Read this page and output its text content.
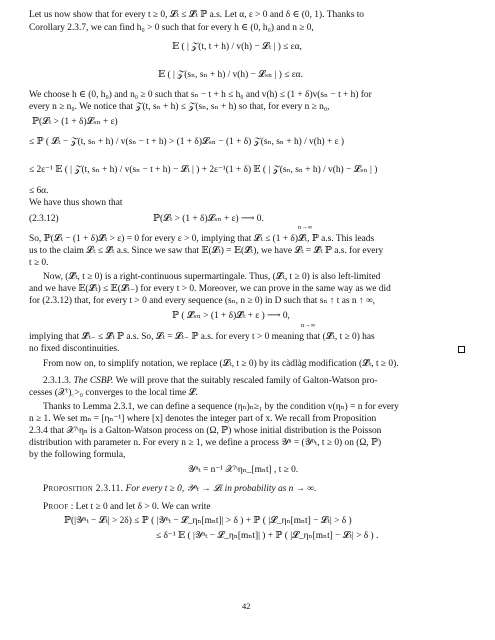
Let us now show that for every t ≥ 0, 𝓛ₜ ≤ 𝓛̃ₜ ℙ a.s. Let α, ε > 0 and δ ∈ (0, 1). Thanks to
Corollary 2.3.7, we can find h₀ > 0 such that for every h ∈ (0, h₀) and n ≥ 0,
𝔼 ( | 𝒵(t, t + h) / v(h) − 𝓛ₜ | ) ≤ εα,
𝔼 ( | 𝒵(sₙ, sₙ + h) / v(h) − 𝓛ₛₙ | ) ≤ εα.
We choose h ∈ (0, h₀) and n₀ ≥ 0 such that sₙ − t + h ≤ h₀ and v(h) ≤ (1 + δ)v(sₙ − t + h) for
every n ≥ n₀. We notice that 𝒵(t, sₙ + h) ≤ 𝒵(sₙ, sₙ + h) so that, for every n ≥ n₀,
ℙ(𝓛ₜ > (1 + δ)𝓛ₛₙ + ε)
≤ ℙ ( 𝓛ₜ − 𝒵(t, sₙ + h) / v(sₙ − t + h) > (1 + δ)𝓛ₛₙ − (1 + δ) 𝒵(sₙ, sₙ + h) / v(h) + ε )
≤ 2ε⁻¹ 𝔼 ( | 𝒵(t, sₙ + h) / v(sₙ − t + h) − 𝓛ₜ | ) + 2ε⁻¹(1 + δ) 𝔼 ( | 𝒵(sₙ, sₙ + h) / v(h) − 𝓛ₛₙ | )
≤ 6α.
We have thus shown that
(2.3.12)	ℙ(𝓛ₜ > (1 + δ)𝓛ₛₙ + ε) ⟶ 0.
n→∞
So, ℙ(𝓛ₜ − (1 + δ)𝓛̃ₜ > ε) = 0 for every ε > 0, implying that 𝓛ₜ ≤ (1 + δ)𝓛̃ₜ, ℙ a.s. This leads
us to the claim 𝓛ₜ ≤ 𝓛̃ₜ a.s. Since we saw that 𝔼(𝓛ₜ) = 𝔼(𝓛̃ₜ), we have 𝓛ₜ = 𝓛̃ₜ ℙ a.s. for every
t ≥ 0.
Now, (𝓛̃ₜ, t ≥ 0) is a right-continuous supermartingale. Thus, (𝓛̃ₜ, t ≥ 0) is also left-limited
and we have 𝔼(𝓛̃ₜ) ≤ 𝔼(𝓛̃ₜ₋) for every t > 0. Moreover, we can prove in the same way as we did
for (2.3.12) that, for every t > 0 and every sequence (sₙ, n ≥ 0) in D such that sₙ ↑ t as n ↑ ∞,
ℙ ( 𝓛̃ₛₙ > (1 + δ)𝓛̃ₜ + ε ) ⟶ 0,
n→∞
implying that 𝓛̃ₜ₋ ≤ 𝓛̃ₜ ℙ a.s. So, 𝓛ₜ = 𝓛ₜ₋ ℙ a.s. for every t > 0 meaning that (𝓛̃ₜ, t ≥ 0) has
no fixed discontinuities.
From now on, to simplify notation, we replace (𝓛ₜ, t ≥ 0) by its càdlàg modification (𝓛̃ₜ, t ≥ 0).
2.3.1.3. The CSBP. We will prove that the suitably rescaled family of Galton-Watson pro-
cesses (𝒳ᶜ)꜀>₀ converges to the local time 𝓛.
Thanks to Lemma 2.3.1, we can define a sequence (ηₙ)ₙ≥₁ by the condition v(ηₙ) = n for every
n ≥ 1. We set mₙ = [ηₙ⁻¹] where [x] denotes the integer part of x. We recall from Proposition
2.3.4 that 𝒳^ηₙ is a Galton-Watson process on (Ω, ℙ) whose initial distribution is the Poisson
distribution with parameter n. For every n ≥ 1, we define a process 𝒴ⁿ = (𝒴ⁿₜ, t ≥ 0) on (Ω, ℙ)
by the following formula,
𝒴ⁿₜ = n⁻¹ 𝒳^ηₙ_[mₙt] , t ≥ 0.
Proposition 2.3.11. For every t ≥ 0, 𝒴ⁿₜ → 𝓛ₜ in probability as n → ∞.
Proof : Let t ≥ 0 and let δ > 0. We can write
ℙ(|𝒴ⁿₜ − 𝓛ₜ| > 2δ) ≤ ℙ ( |𝒴ⁿₜ − 𝓛_ηₙ[mₙt]| > δ ) + ℙ ( |𝓛_ηₙ[mₙt] − 𝓛ₜ| > δ )
≤ δ⁻¹ 𝔼 ( |𝒴ⁿₜ − 𝓛_ηₙ[mₙt]| ) + ℙ ( |𝓛_ηₙ[mₙt] − 𝓛ₜ| > δ ) .
42
